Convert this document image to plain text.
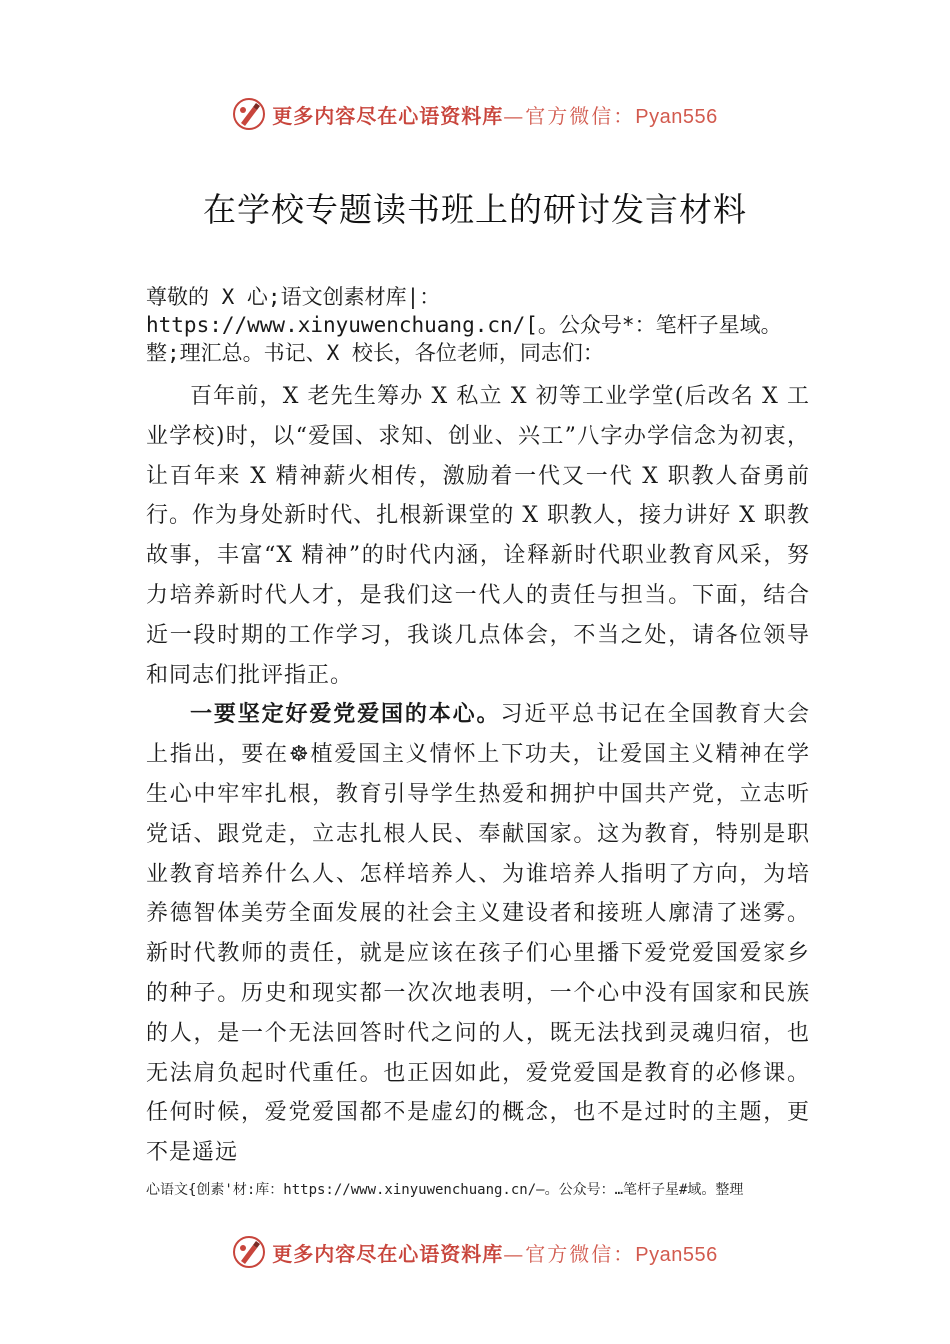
更多内容尽在心语资料库 —官方微信：Pyan556
在学校专题读书班上的研讨发言材料
尊敬的 X 心;语文创素材库|：
https://www.xinyuwenchuang.cn/[。公众号*：笔杆子星域。
整;理汇总。书记、X 校长，各位老师，同志们：

百年前，X 老先生筹办 X 私立 X 初等工业学堂(后改名 X 工业学校)时，以“爱国、求知、创业、兴工”八字办学信念为初衷，让百年来 X 精神薪火相传，激励着一代又一代 X 职教人奋勇前行。作为身处新时代、扎根新课堂的 X 职教人，接力讲好 X 职教故事，丰富“X 精神”的时代内涵，诠释新时代职业教育风采，努力培养新时代人才，是我们这一代人的责任与担当。下面，结合近一段时期的工作学习，我谈几点体会，不当之处，请各位领导和同志们批评指正。

一要坚定好爱党爱国的本心。习近平总书记在全国教育大会上指出，要在☸植爱国主义情怀上下功夫，让爱国主义精神在学生心中牢牢扎根，教育引导学生热爱和拥护中国共产党，立志听党话、跟党走，立志扎根人民、奉献国家。这为教育，特别是职业教育培养什么人、怎样培养人、为谁培养人指明了方向，为培养德智体美劳全面发展的社会主义建设者和接班人廓清了迷雾。新时代教师的责任，就是应该在孩子们心里播下爱党爱国爱家乡的种子。历史和现实都一次次地表明，一个心中没有国家和民族的人，是一个无法回答时代之问的人，既无法找到灵魂归宿，也无法肩负起时代重任。也正因如此，爱党爱国是教育的必修课。任何时候，爱党爱国都不是虚幻的概念，也不是过时的主题，更不是遥远

心语文{创素'材:库：https://www.xinyuwenchuang.cn/—。公众号：…笔杆子星#域。整理
更多内容尽在心语资料库 —官方微信：Pyan556
